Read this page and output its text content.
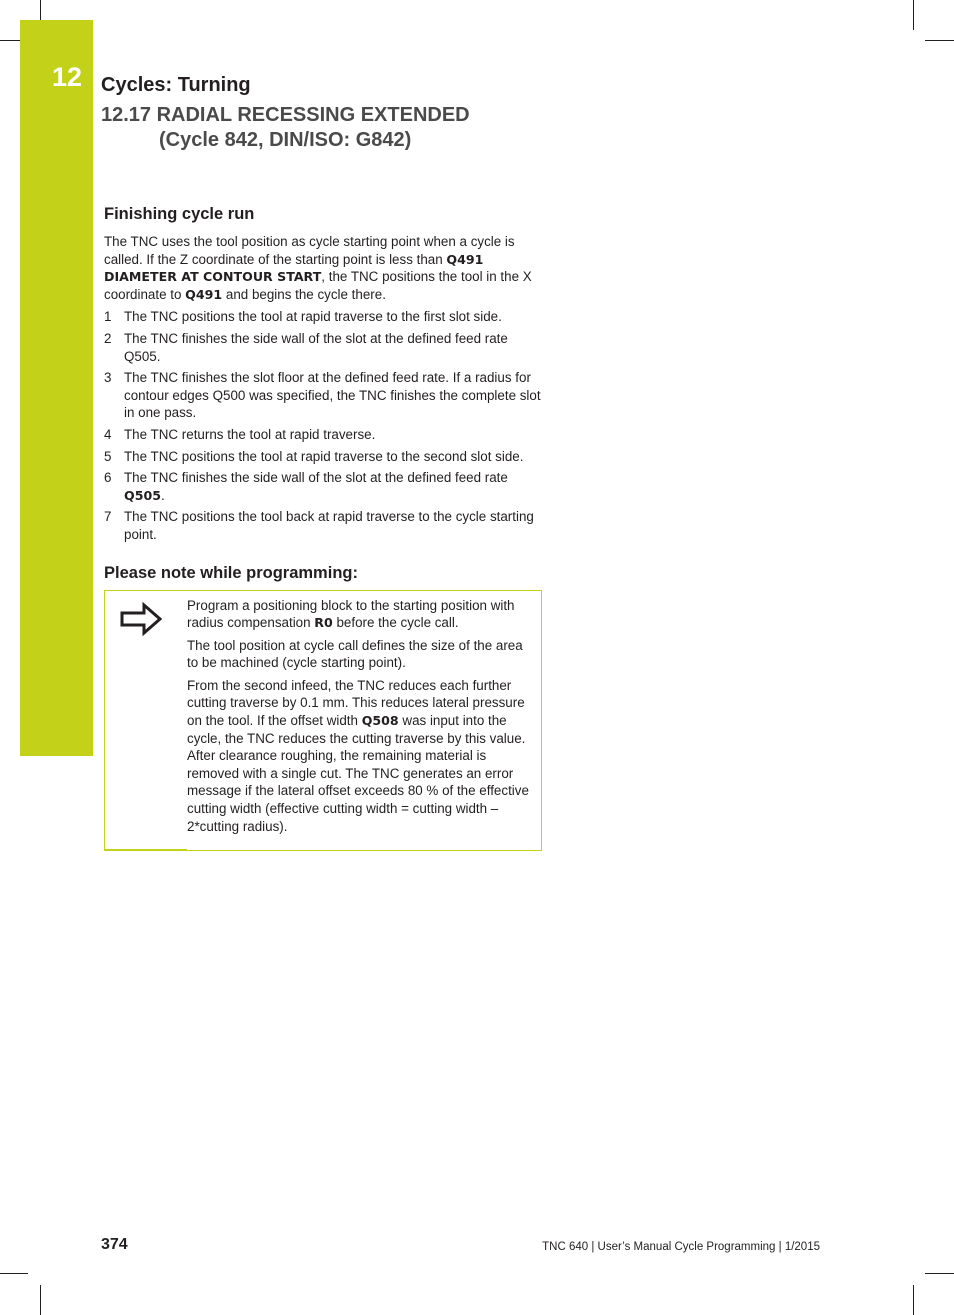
12 Cycles: Turning
12.17 RADIAL RECESSING EXTENDED
(Cycle 842, DIN/ISO: G842)
Finishing cycle run

The TNC uses the tool position as cycle starting point when a cycle is called. If the Z coordinate of the starting point is less than Q491 DIAMETER AT CONTOUR START, the TNC positions the tool in the X coordinate to Q491 and begins the cycle there.

1 The TNC positions the tool at rapid traverse to the first slot side.
2 The TNC finishes the side wall of the slot at the defined feed rate Q505.
3 The TNC finishes the slot floor at the defined feed rate. If a radius for contour edges Q500 was specified, the TNC finishes the complete slot in one pass.
4 The TNC returns the tool at rapid traverse.
5 The TNC positions the tool at rapid traverse to the second slot side.
6 The TNC finishes the side wall of the slot at the defined feed rate Q505.
7 The TNC positions the tool back at rapid traverse to the cycle starting point.
Please note while programming:

Program a positioning block to the starting position with radius compensation R0 before the cycle call.

The tool position at cycle call defines the size of the area to be machined (cycle starting point).

From the second infeed, the TNC reduces each further cutting traverse by 0.1 mm. This reduces lateral pressure on the tool. If the offset width Q508 was input into the cycle, the TNC reduces the cutting traverse by this value. After clearance roughing, the remaining material is removed with a single cut. The TNC generates an error message if the lateral offset exceeds 80 % of the effective cutting width (effective cutting width = cutting width –2*cutting radius).

374	TNC 640 | User’s Manual Cycle Programming | 1/2015
